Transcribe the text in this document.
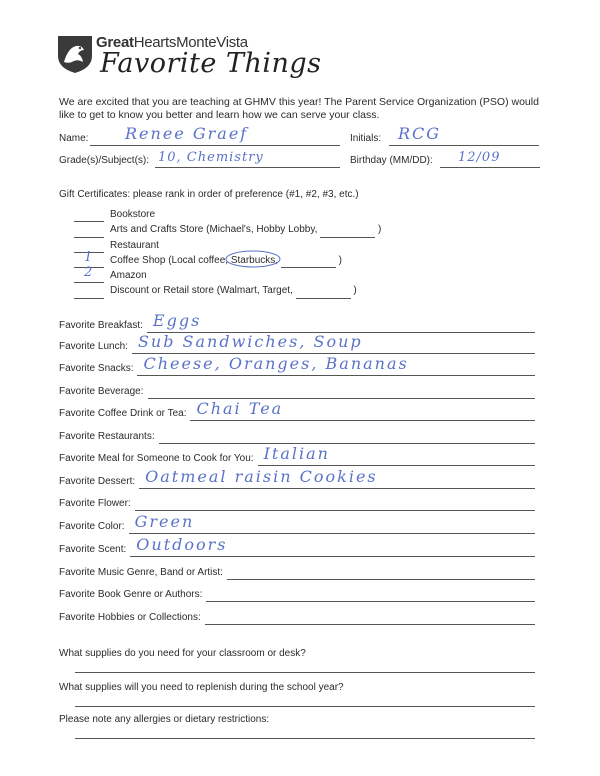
GreatHeartsMonteVista
Favorite Things
We are excited that you are teaching at GHMV this year! The Parent Service Organization (PSO) would like to get to know you better and learn how we can serve your class.
Name: Renee Graef	Initials: RCG
Grade(s)/Subject(s): 10, Chemistry	Birthday (MM/DD): 12/09
Gift Certificates: please rank in order of preference (#1, #2, #3, etc.)
Bookstore
Arts and Crafts Store (Michael's, Hobby Lobby,	)
Restaurant
1 Coffee Shop (Local coffee, Starbucks,	)
2 Amazon
Discount or Retail store (Walmart, Target,	)
Favorite Breakfast: Eggs
Favorite Lunch: Sub Sandwiches, Soup
Favorite Snacks: Cheese, Oranges, Bananas
Favorite Beverage:
Favorite Coffee Drink or Tea: Chai Tea
Favorite Restaurants:
Favorite Meal for Someone to Cook for You: Italian
Favorite Dessert: Oatmeal raisin Cookies
Favorite Flower:
Favorite Color: Green
Favorite Scent: Outdoors
Favorite Music Genre, Band or Artist:
Favorite Book Genre or Authors:
Favorite Hobbies or Collections:
What supplies do you need for your classroom or desk?
What supplies will you need to replenish during the school year?
Please note any allergies or dietary restrictions:
